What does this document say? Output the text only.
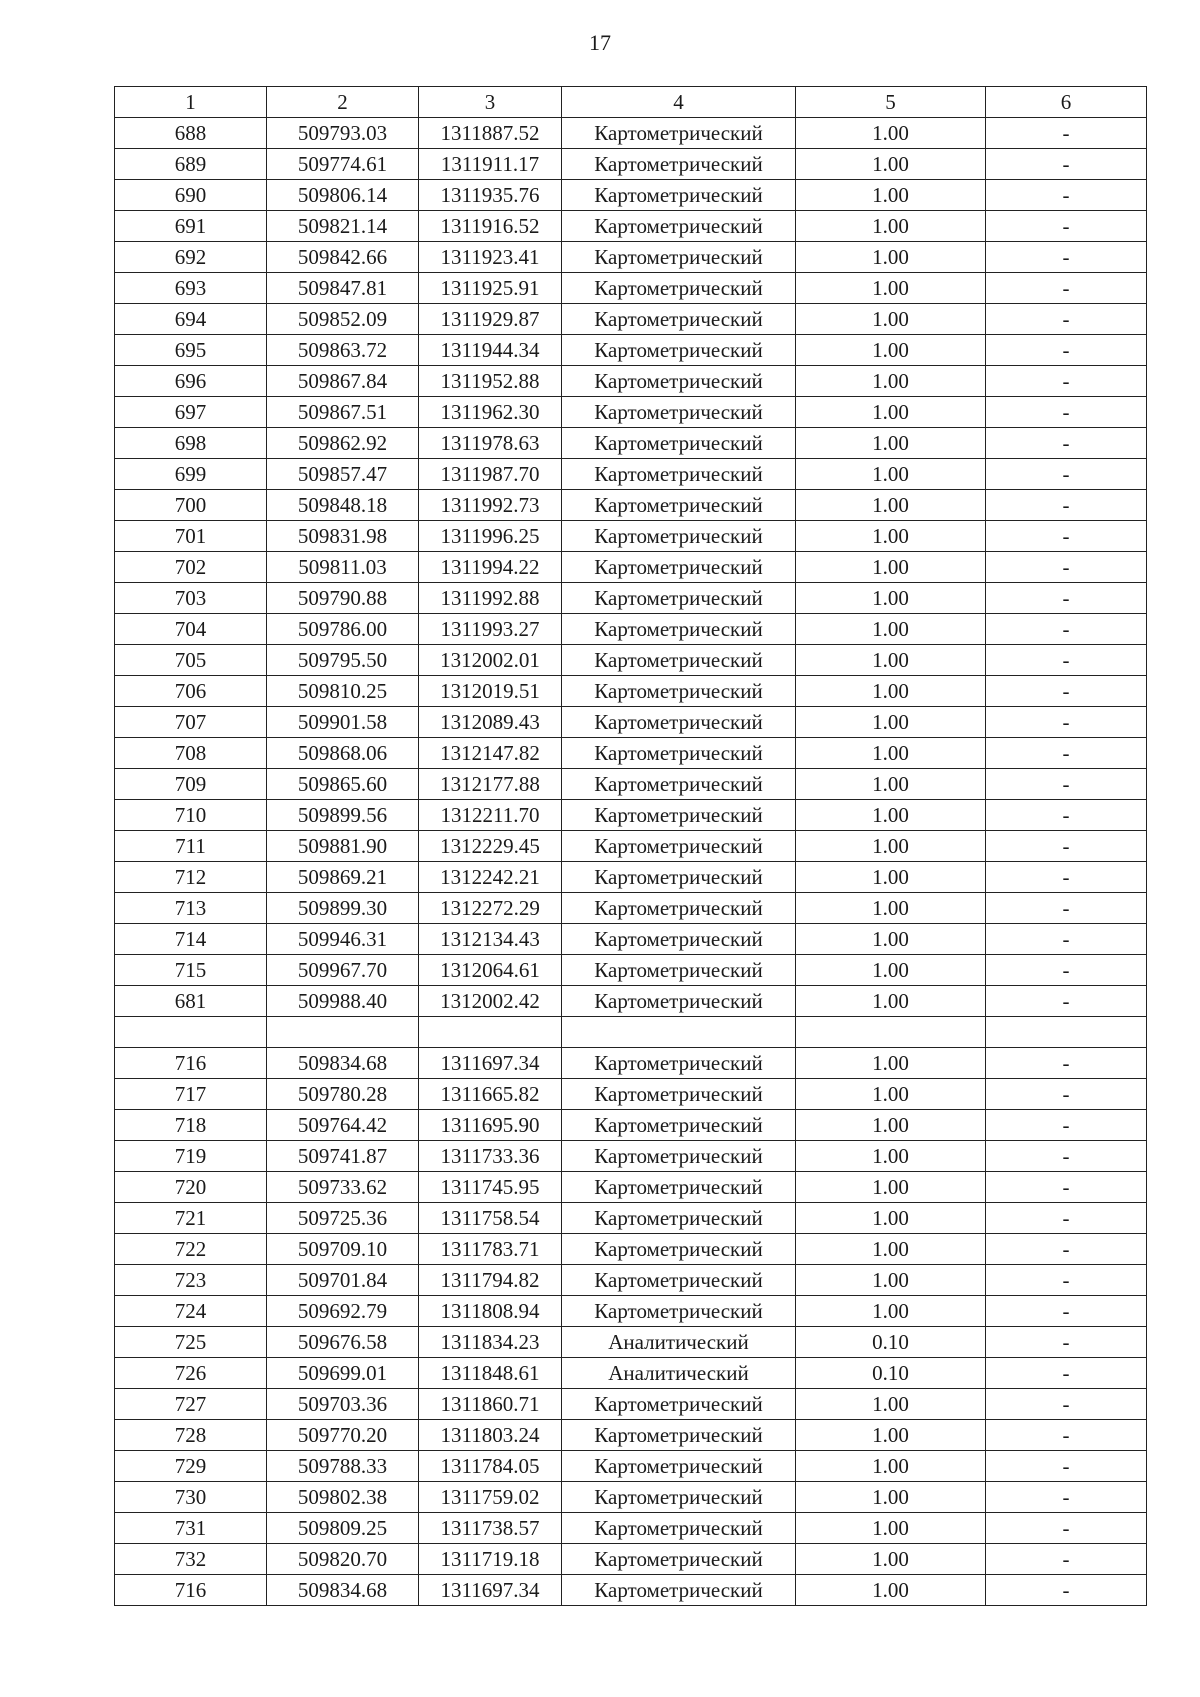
17
1	2	3	4	5	6
688	509793.03	1311887.52	Картометрический	1.00	-
689	509774.61	1311911.17	Картометрический	1.00	-
690	509806.14	1311935.76	Картометрический	1.00	-
691	509821.14	1311916.52	Картометрический	1.00	-
692	509842.66	1311923.41	Картометрический	1.00	-
693	509847.81	1311925.91	Картометрический	1.00	-
694	509852.09	1311929.87	Картометрический	1.00	-
695	509863.72	1311944.34	Картометрический	1.00	-
696	509867.84	1311952.88	Картометрический	1.00	-
697	509867.51	1311962.30	Картометрический	1.00	-
698	509862.92	1311978.63	Картометрический	1.00	-
699	509857.47	1311987.70	Картометрический	1.00	-
700	509848.18	1311992.73	Картометрический	1.00	-
701	509831.98	1311996.25	Картометрический	1.00	-
702	509811.03	1311994.22	Картометрический	1.00	-
703	509790.88	1311992.88	Картометрический	1.00	-
704	509786.00	1311993.27	Картометрический	1.00	-
705	509795.50	1312002.01	Картометрический	1.00	-
706	509810.25	1312019.51	Картометрический	1.00	-
707	509901.58	1312089.43	Картометрический	1.00	-
708	509868.06	1312147.82	Картометрический	1.00	-
709	509865.60	1312177.88	Картометрический	1.00	-
710	509899.56	1312211.70	Картометрический	1.00	-
711	509881.90	1312229.45	Картометрический	1.00	-
712	509869.21	1312242.21	Картометрический	1.00	-
713	509899.30	1312272.29	Картометрический	1.00	-
714	509946.31	1312134.43	Картометрический	1.00	-
715	509967.70	1312064.61	Картометрический	1.00	-
681	509988.40	1312002.42	Картометрический	1.00	-

716	509834.68	1311697.34	Картометрический	1.00	-
717	509780.28	1311665.82	Картометрический	1.00	-
718	509764.42	1311695.90	Картометрический	1.00	-
719	509741.87	1311733.36	Картометрический	1.00	-
720	509733.62	1311745.95	Картометрический	1.00	-
721	509725.36	1311758.54	Картометрический	1.00	-
722	509709.10	1311783.71	Картометрический	1.00	-
723	509701.84	1311794.82	Картометрический	1.00	-
724	509692.79	1311808.94	Картометрический	1.00	-
725	509676.58	1311834.23	Аналитический	0.10	-
726	509699.01	1311848.61	Аналитический	0.10	-
727	509703.36	1311860.71	Картометрический	1.00	-
728	509770.20	1311803.24	Картометрический	1.00	-
729	509788.33	1311784.05	Картометрический	1.00	-
730	509802.38	1311759.02	Картометрический	1.00	-
731	509809.25	1311738.57	Картометрический	1.00	-
732	509820.70	1311719.18	Картометрический	1.00	-
716	509834.68	1311697.34	Картометрический	1.00	-
